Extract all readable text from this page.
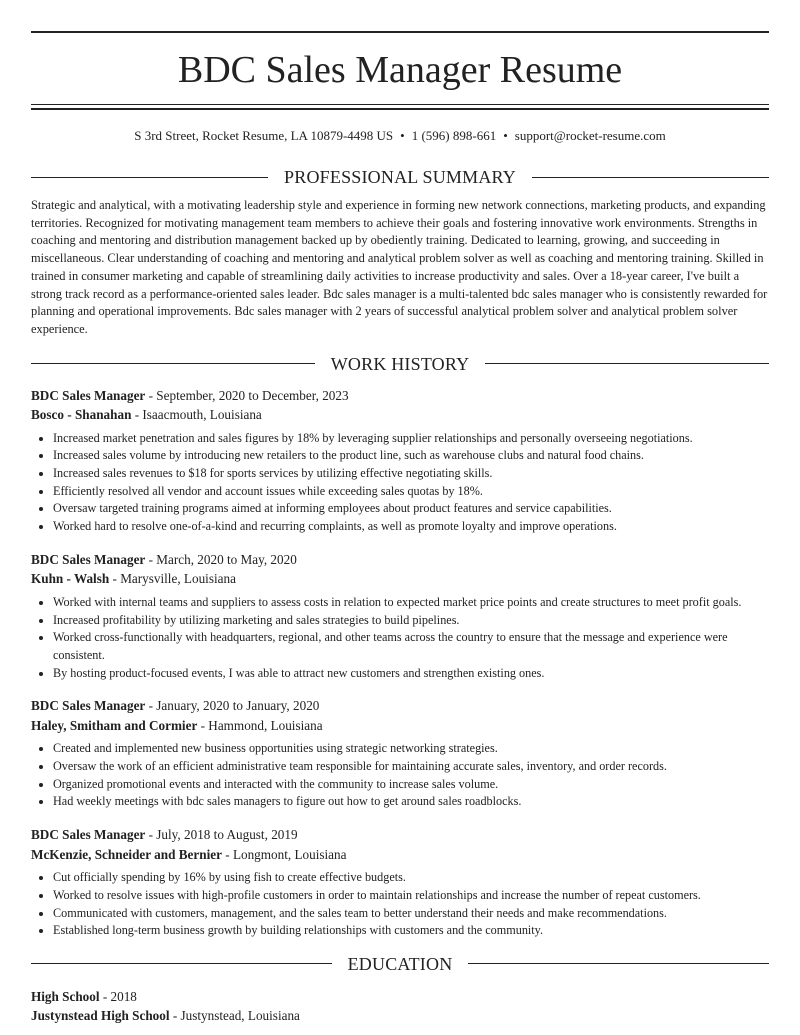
BDC Sales Manager Resume
S 3rd Street, Rocket Resume, LA 10879-4498 US • 1 (596) 898-661 • support@rocket-resume.com
PROFESSIONAL SUMMARY

Strategic and analytical, with a motivating leadership style and experience in forming new network connections, marketing products, and expanding territories. Recognized for motivating management team members to achieve their goals and fostering innovative work environments. Strengths in coaching and mentoring and distribution management backed up by obediently training. Dedicated to learning, growing, and succeeding in miscellaneous. Clear understanding of coaching and mentoring and analytical problem solver as well as coaching and mentoring training. Skilled in trained in consumer marketing and capable of streamlining daily activities to increase productivity and sales. Over a 18-year career, I've built a strong track record as a performance-oriented sales leader. Bdc sales manager is a multi-talented bdc sales manager who is consistently rewarded for planning and operational improvements. Bdc sales manager with 2 years of successful analytical problem solver and analytical problem solver experience.

WORK HISTORY
BDC Sales Manager - September, 2020 to December, 2023
Bosco - Shanahan - Isaacmouth, Louisiana
• Increased market penetration and sales figures by 18% by leveraging supplier relationships and personally overseeing negotiations.
• Increased sales volume by introducing new retailers to the product line, such as warehouse clubs and natural food chains.
• Increased sales revenues to $18 for sports services by utilizing effective negotiating skills.
• Efficiently resolved all vendor and account issues while exceeding sales quotas by 18%.
• Oversaw targeted training programs aimed at informing employees about product features and service capabilities.
• Worked hard to resolve one-of-a-kind and recurring complaints, as well as promote loyalty and improve operations.
BDC Sales Manager - March, 2020 to May, 2020
Kuhn - Walsh - Marysville, Louisiana
• Worked with internal teams and suppliers to assess costs in relation to expected market price points and create structures to meet profit goals.
• Increased profitability by utilizing marketing and sales strategies to build pipelines.
• Worked cross-functionally with headquarters, regional, and other teams across the country to ensure that the message and experience were consistent.
• By hosting product-focused events, I was able to attract new customers and strengthen existing ones.
BDC Sales Manager - January, 2020 to January, 2020
Haley, Smitham and Cormier - Hammond, Louisiana
• Created and implemented new business opportunities using strategic networking strategies.
• Oversaw the work of an efficient administrative team responsible for maintaining accurate sales, inventory, and order records.
• Organized promotional events and interacted with the community to increase sales volume.
• Had weekly meetings with bdc sales managers to figure out how to get around sales roadblocks.
BDC Sales Manager - July, 2018 to August, 2019
McKenzie, Schneider and Bernier - Longmont, Louisiana
• Cut officially spending by 16% by using fish to create effective budgets.
• Worked to resolve issues with high-profile customers in order to maintain relationships and increase the number of repeat customers.
• Communicated with customers, management, and the sales team to better understand their needs and make recommendations.
• Established long-term business growth by building relationships with customers and the community.
EDUCATION
High School - 2018
Justynstead High School - Justynstead, Louisiana
